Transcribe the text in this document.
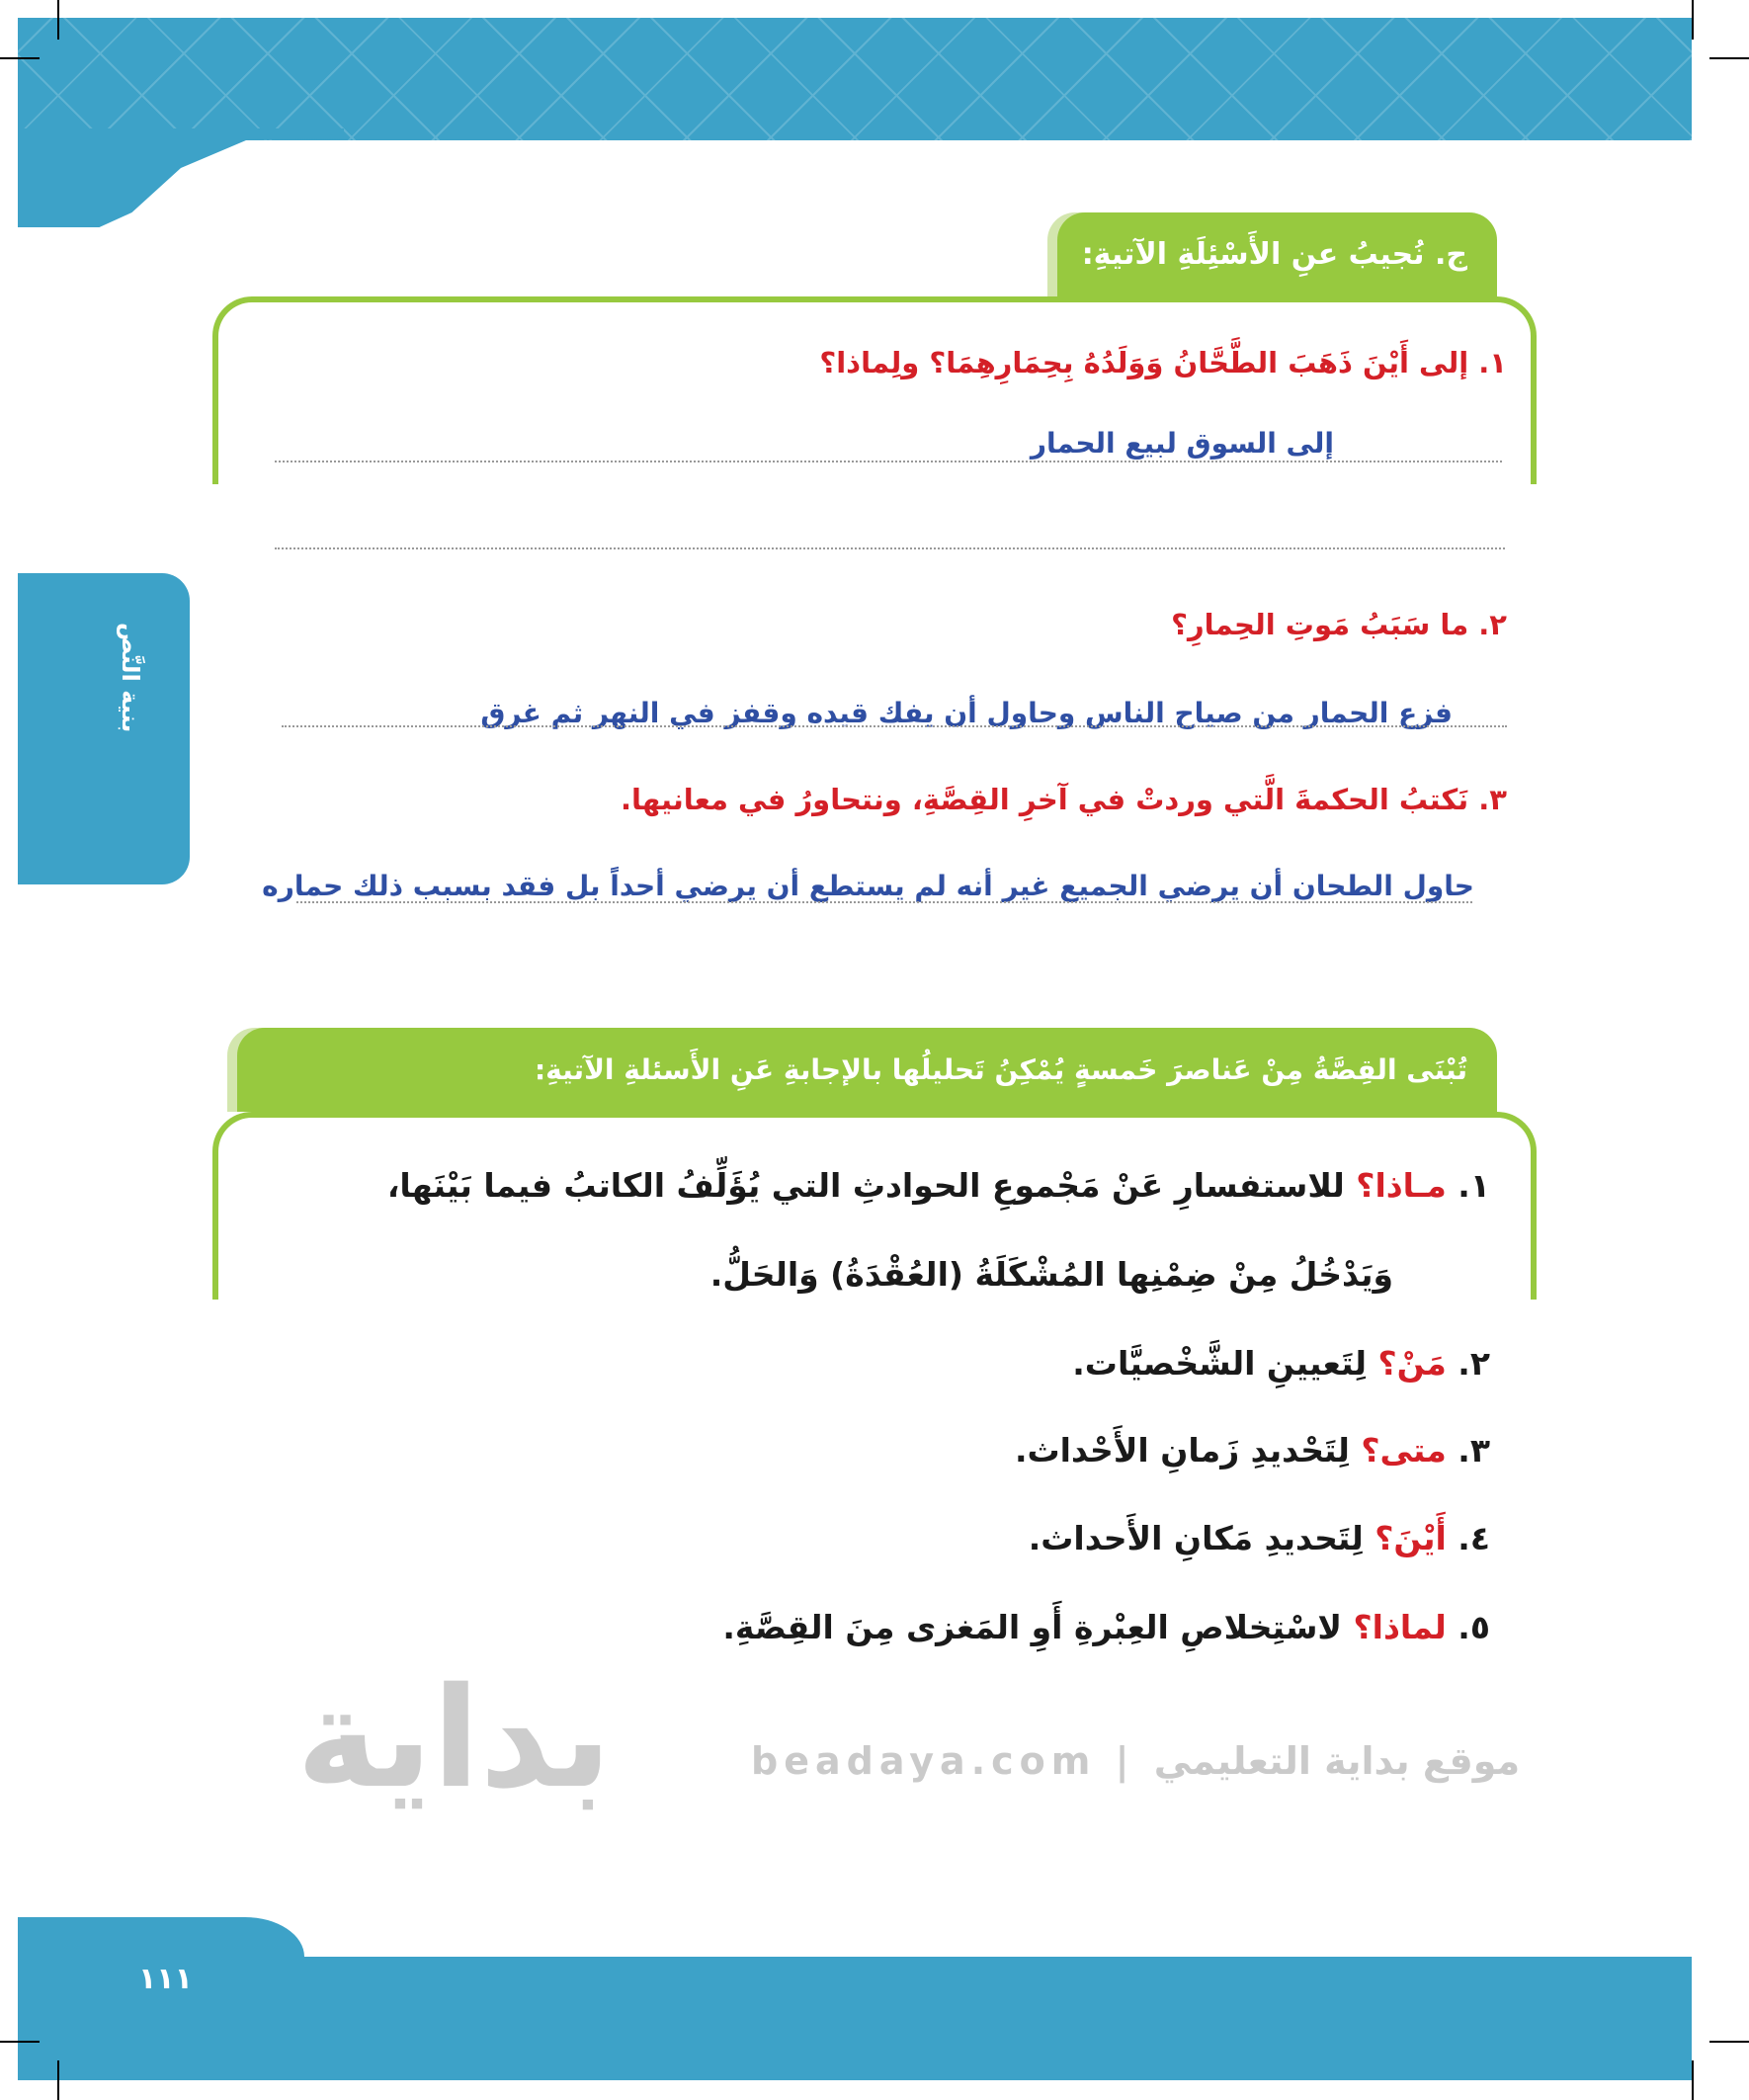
بداية	beadaya.com | موقع بداية التعليمي
ج. نُجيبُ عنِ الأَسْئِلَةِ الآتيةِ:
١. إلى أَيْنَ ذَهَبَ الطَّحَّانُ وَوَلَدُهُ بِحِمَارِهِمَا؟ ولِماذا؟
إلى السوق لبيع الحمار
٢. ما سَبَبُ مَوتِ الحِمارِ؟
فزع الحمار من صياح الناس وحاول أن يفك قيده وقفز في النهر ثم غرق
٣. نَكتبُ الحكمةَ الَّتي وردتْ في آخرِ القِصَّةِ، ونتحاورُ في معانيها.
حاول الطحان أن يرضي الجميع غير أنه لم يستطع أن يرضي أحداً بل فقد بسبب ذلك حماره
بنية النَّص
تُبْنَى القِصَّةُ مِنْ عَناصرَ خَمسةٍ يُمْكِنُ تَحليلُها بالإجابةِ عَنِ الأَسئلةِ الآتيةِ:
١. مـاذا؟ للاستفسارِ عَنْ مَجْموعِ الحوادثِ التي يُؤَلِّفُ الكاتبُ فيما بَيْنَها،
وَيَدْخُلُ مِنْ ضِمْنِها المُشْكَلَةُ (العُقْدَةُ) وَالحَلُّ.
٢. مَنْ؟ لِتَعيينِ الشَّخْصيَّات.
٣. متى؟ لِتَحْديدِ زَمانِ الأَحْداث.
٤. أَيْنَ؟ لِتَحديدِ مَكانِ الأَحداث.
٥. لماذا؟ لاسْتِخلاصِ العِبْرةِ أَوِ المَغزى مِنَ القِصَّةِ.
١١١
